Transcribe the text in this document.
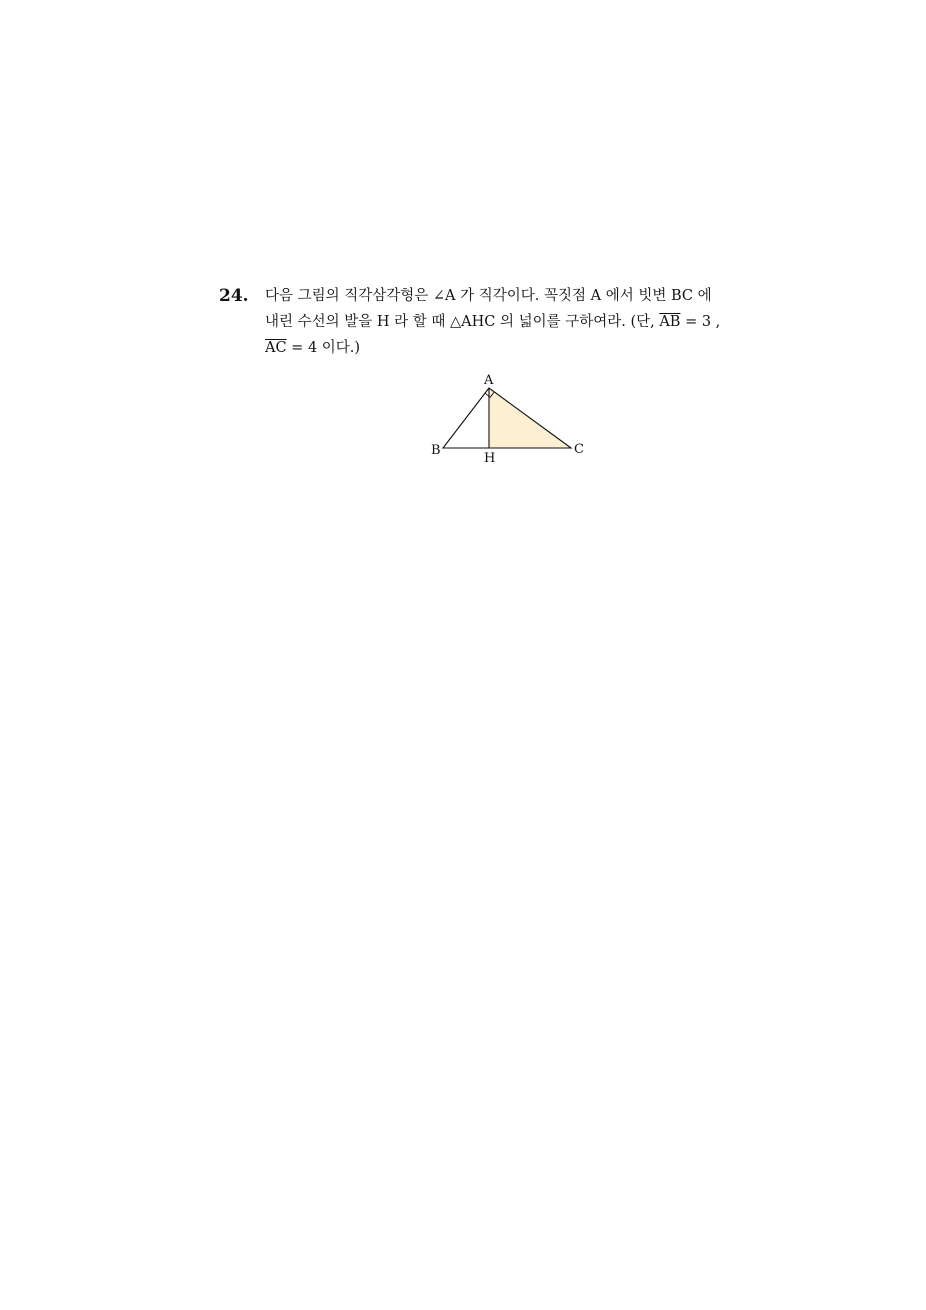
24. 다음 그림의 직각삼각형은 ∠A 가 직각이다. 꼭짓점 A 에서 빗변 BC 에
내린 수선의 발을 H 라 할 때 △AHC 의 넓이를 구하여라. (단, $\overline{AB} = 3$ ,
$\overline{AC} = 4$ 이다.)
A
B	C
H
